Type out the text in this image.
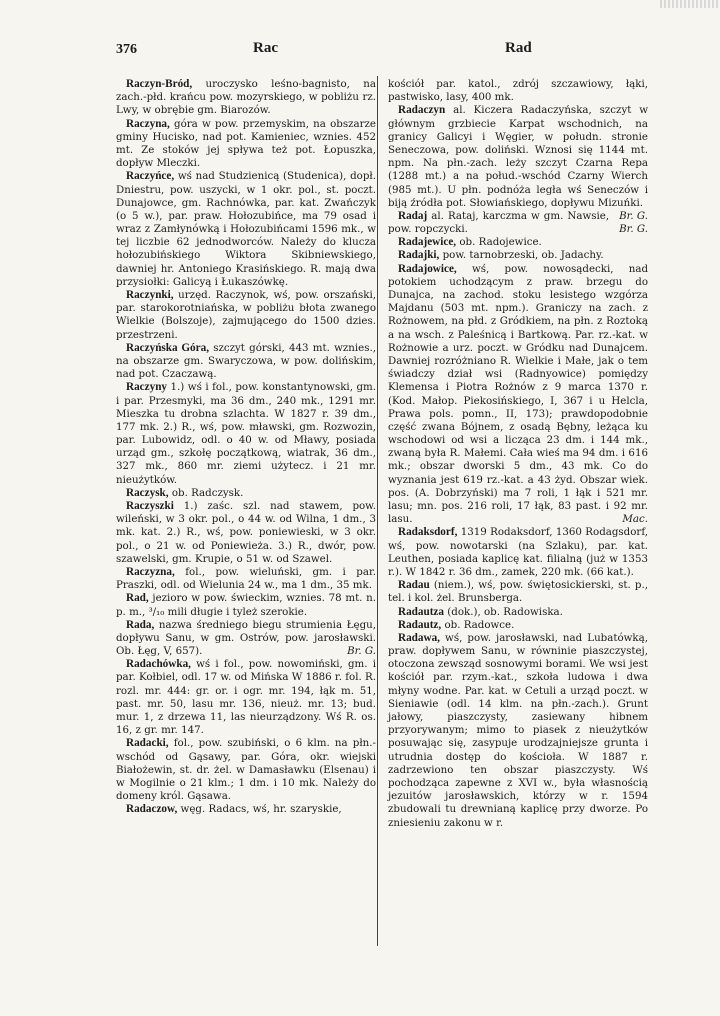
376	Rac	Rad

Raczyn-Bród, uroczysko leśno-bagnisto, na zach.-płd. krańcu pow. mozyrskiego, w pobliżu rz. Lwy, w obrębie gm. Biarozów.

Raczyna, góra w pow. przemyskim, na obszarze gminy Hucisko, nad pot. Kamieniec, wznies. 452 mt. Ze stoków jej spływa też pot. Łopuszka, dopływ Mleczki.

Raczyńce, wś nad Studzienicą (Studenica), dopł. Dniestru, pow. uszycki, w 1 okr. pol., st. poczt. Dunajowce, gm. Rachnówka, par. kat. Zwańczyk (o 5 w.), par. praw. Hołozubińce, ma 79 osad i wraz z Zamłynówką i Hołozubińcami 1596 mk., w tej liczbie 62 jednodworców. Należy do klucza hołozubińskiego Wiktora Skibniewskiego, dawniej hr. Antoniego Krasińskiego. R. mają dwa przysiołki: Galicyą i Łukaszówkę.

Raczynki, urzęd. Raczynok, wś, pow. orszański, par. starokorotniańska, w pobliżu błota zwanego Wielkie (Bolszoje), zajmującego do 1500 dzies. przestrzeni.

Raczyńska Góra, szczyt górski, 443 mt. wznies., na obszarze gm. Swaryczowa, w pow. dolińskim, nad pot. Czaczawą.

Raczyny 1.) wś i fol., pow. konstantynowski, gm. i par. Przesmyki, ma 36 dm., 240 mk., 1291 mr. Mieszka tu drobna szlachta. W 1827 r. 39 dm., 177 mk. 2.) R., wś, pow. mławski, gm. Rozwozin, par. Lubowidz, odl. o 40 w. od Mławy, posiada urząd gm., szkołę początkową, wiatrak, 36 dm., 327 mk., 860 mr. ziemi użytecz. i 21 mr. nieużytków.

Raczysk, ob. Radczysk.

Raczyszki 1.) zaśc. szl. nad stawem, pow. wileński, w 3 okr. pol., o 44 w. od Wilna, 1 dm., 3 mk. kat. 2.) R., wś, pow. poniewieski, w 3 okr. pol., o 21 w. od Poniewieża. 3.) R., dwór, pow. szawelski, gm. Krupie, o 51 w. od Szawel.

Raczyzna, fol., pow. wieluński, gm. i par. Praszki, odl. od Wielunia 24 w., ma 1 dm., 35 mk.

Rad, jezioro w pow. świeckim, wznies. 78 mt. n. p. m., ³/₁₀ mili długie i tyleż szerokie.

Rada, nazwa średniego biegu strumienia Łęgu, dopływu Sanu, w gm. Ostrów, pow. jarosławski. Ob. Łęg, V, 657).	Br. G.

Radachówka, wś i fol., pow. nowomiński, gm. i par. Kołbiel, odl. 17 w. od Mińska W 1886 r. fol. R. rozl. mr. 444: gr. or. i ogr. mr. 194, łąk m. 51, past. mr. 50, lasu mr. 136, nieuż. mr. 13; bud. mur. 1, z drzewa 11, las nieurządzony. Wś R. os. 16, z gr. mr. 147.

Radacki, fol., pow. szubiński, o 6 klm. na płn.-wschód od Gąsawy, par. Góra, okr. wiejski Białożewin, st. dr. żel. w Damasławku (Elsenau) i w Mogilnie o 21 klm.; 1 dm. i 10 mk. Należy do domeny król. Gąsawa.

Radaczow, węg. Radacs, wś, hr. szaryskie,

kościół par. katol., zdrój szczawiowy, łąki, pastwisko, lasy, 400 mk.

Radaczyn al. Kiczera Radaczyńska, szczyt w głównym grzbiecie Karpat wschodnich, na granicy Galicyi i Węgier, w połudn. stronie Seneczowa, pow. doliński. Wznosi się 1144 mt. npm. Na płn.-zach. leży szczyt Czarna Repa (1288 mt.) a na połud.-wschód Czarny Wierch (985 mt.). U płn. podnóża legła wś Seneczów i biją źródła pot. Słowiańskiego, dopływu Mizuńki.
Br. G.

Radaj al. Rataj, karczma w gm. Nawsie, pow. ropczycki.	Br. G.

Radajewice, ob. Radojewice.

Radajki, pow. tarnobrzeski, ob. Jadachy.

Radajowice, wś, pow. nowosądecki, nad potokiem uchodzącym z praw. brzegu do Dunajca, na zachod. stoku lesistego wzgórza Majdanu (503 mt. npm.). Graniczy na zach. z Rożnowem, na płd. z Gródkiem, na płn. z Roztoką a na wsch. z Paleśnicą i Bartkową. Par. rz.-kat. w Rożnowie a urz. poczt. w Gródku nad Dunajcem. Dawniej rozróżniano R. Wielkie i Małe, jak o tem świadczy dział wsi (Radnyowice) pomiędzy Klemensa i Piotra Rożnów z 9 marca 1370 r. (Kod. Małop. Piekosińskiego, I, 367 i u Helcla, Prawa pols. pomn., II, 173); prawdopodobnie część zwana Bójnem, z osadą Bębny, leżąca ku wschodowi od wsi a licząca 23 dm. i 144 mk., zwaną była R. Małemi. Cała wieś ma 94 dm. i 616 mk.; obszar dworski 5 dm., 43 mk. Co do wyznania jest 619 rz.-kat. a 43 żyd. Obszar wiek. pos. (A. Dobrzyński) ma 7 roli, 1 łąk i 521 mr. lasu; mn. pos. 216 roli, 17 łąk, 83 past. i 92 mr. lasu.	Mac.

Radaksdorf, 1319 Rodaksdorf, 1360 Rodagsdorf, wś, pow. nowotarski (na Szlaku), par. kat. Leuthen, posiada kaplicę kat. filialną (już w 1353 r.). W 1842 r. 36 dm., zamek, 220 mk. (66 kat.).

Radau (niem.), wś, pow. świętosickierski, st. p., tel. i kol. żel. Brunsberga.

Radautza (dok.), ob. Radowiska.

Radautz, ob. Radowce.

Radawa, wś, pow. jarosławski, nad Lubatówką, praw. dopływem Sanu, w równinie piaszczystej, otoczona zewsząd sosnowymi borami. We wsi jest kościół par. rzym.-kat., szkoła ludowa i dwa młyny wodne. Par. kat. w Cetuli a urząd poczt. w Sieniawie (odl. 14 klm. na płn.-zach.). Grunt jałowy, piaszczysty, zasiewany hibnem przyorywanym; mimo to piasek z nieużytków posuwając się, zasypuje urodzajniejsze grunta i utrudnia dostęp do kościoła. W 1887 r. zadrzewiono ten obszar piaszczysty. Wś pochodząca zapewne z XVI w., była własnością jezuitów jarosławskich, którzy w r. 1594 zbudowali tu drewnianą kaplicę przy dworze. Po zniesieniu zakonu w r.
